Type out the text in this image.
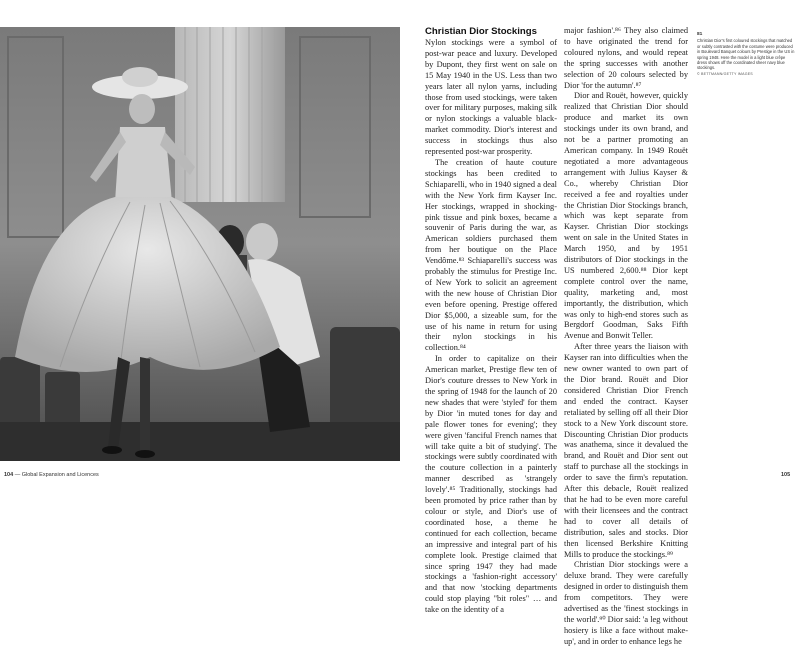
Christian Dior Stockings

Nylon stockings were a symbol of post-war peace and luxury. Developed by Dupont, they first went on sale on 15 May 1940 in the US. Less than two years later all nylon yarns, including those from used stockings, were taken over for military purposes, making silk or nylon stockings a valuable black-market commodity. Dior's interest and success in stockings thus also represented post-war prosperity.

The creation of haute couture stockings has been credited to Schiaparelli, who in 1940 signed a deal with the New York firm Kayser Inc. Her stockings, wrapped in shocking-pink tissue and pink boxes, became a souvenir of Paris during the war, as American soldiers purchased them from her boutique on the Place Vendôme.⁸³ Schiaparelli's success was probably the stimulus for Prestige Inc. of New York to solicit an agreement with the new house of Christian Dior even before opening. Prestige offered Dior $5,000, a sizeable sum, for the use of his name in return for using their nylon stockings in his collection.⁸⁴

In order to capitalize on their American market, Prestige flew ten of Dior's couture dresses to New York in the spring of 1948 for the launch of 20 new shades that were 'styled' for them by Dior 'in muted tones for day and pale flower tones for evening'; they were given 'fanciful French names that will take quite a bit of studying'. The stockings were subtly coordinated with the couture collection in a painterly manner described as 'strangely lovely'.⁸⁵ Traditionally, stockings had been promoted by price rather than by colour or style, and Dior's use of coordinated hose, a theme he continued for each collection, became an impressive and integral part of his complete look. Prestige claimed that since spring 1947 they had made stockings a 'fashion-right accessory' and that now 'stocking departments could stop playing "bit roles" … and take on the identity of a

major fashion'.⁸⁶ They also claimed to have originated the trend for coloured nylons, and would repeat the spring successes with another selection of 20 colours selected by Dior 'for the autumn'.⁸⁷

Dior and Rouët, however, quickly realized that Christian Dior should produce and market its own stockings under its own brand, and not be a partner promoting an American company. In 1949 Rouët negotiated a more advantageous arrangement with Julius Kayser & Co., whereby Christian Dior received a fee and royalties under the Christian Dior Stockings branch, which was kept separate from Kayser. Christian Dior stockings went on sale in the United States in March 1950, and by 1951 distributors of Dior stockings in the US numbered 2,600.⁸⁸ Dior kept complete control over the name, quality, marketing and, most importantly, the distribution, which was only to high-end stores such as Bergdorf Goodman, Saks Fifth Avenue and Bonwit Teller.

After three years the liaison with Kayser ran into difficulties when the new owner wanted to own part of the Dior brand. Rouët and Dior considered Christian Dior French and ended the contract. Kayser retaliated by selling off all their Dior stock to a New York discount store. Discounting Christian Dior products was anathema, since it devalued the brand, and Rouët and Dior sent out staff to purchase all the stockings in order to save the firm's reputation. After this debacle, Rouët realized that he had to be even more careful with their licensees and the contract had to cover all details of distribution, sales and stocks. Dior then licensed Berkshire Knitting Mills to produce the stockings.⁸⁹

Christian Dior stockings were a deluxe brand. They were carefully designed in order to distinguish them from competitors. They were advertised as the 'finest stockings in the world'.⁹⁰ Dior said: 'a leg without hosiery is like a face without make-up', and in order to enhance legs he

81
Christian Dior's first coloured stockings that matched or subtly contrasted with the costume were produced in Boulevard Banquet colours by Prestige in the US in spring 1948. Here the model in a light blue crêpe dress shows off the coordinated sheer navy blue stockings.
© BETTMANN/GETTY IMAGES
104 — Global Expansion and Licences	105
